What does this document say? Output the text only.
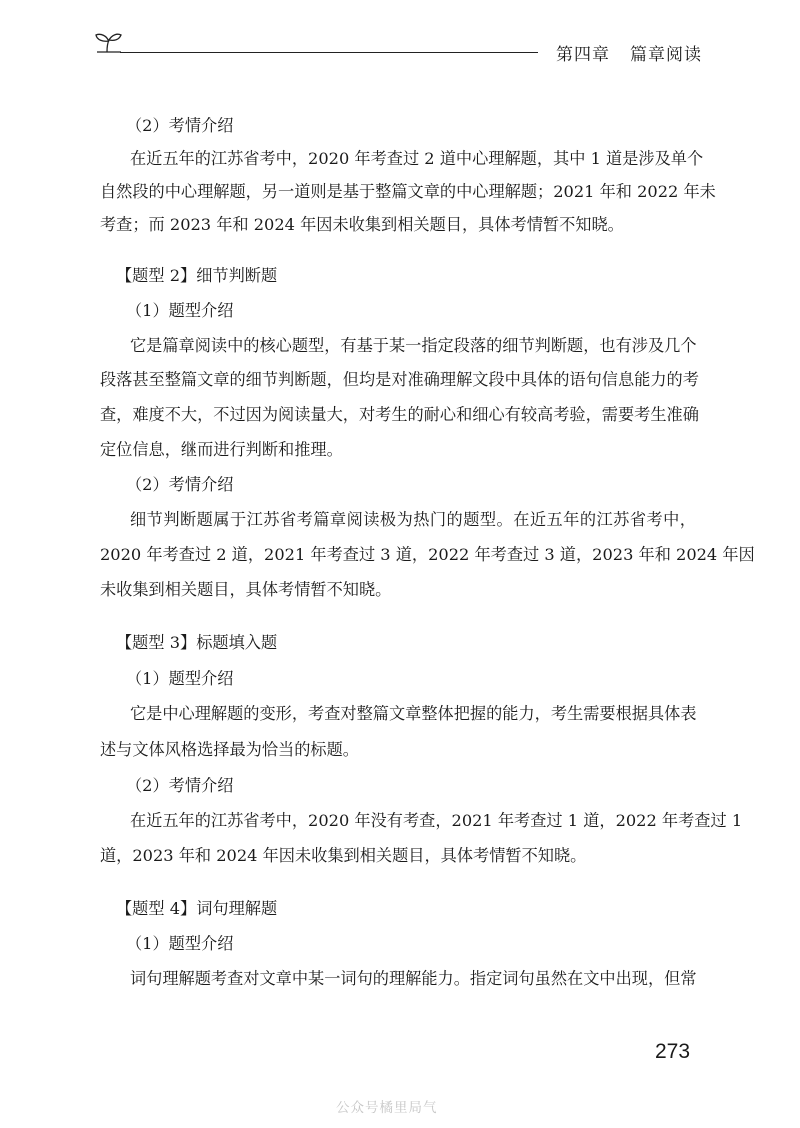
第四章 篇章阅读
（2）考情介绍
在近五年的江苏省考中，2020 年考查过 2 道中心理解题，其中 1 道是涉及单个
自然段的中心理解题，另一道则是基于整篇文章的中心理解题；2021 年和 2022 年未
考查；而 2023 年和 2024 年因未收集到相关题目，具体考情暂不知晓。
【题型 2】细节判断题
（1）题型介绍
它是篇章阅读中的核心题型，有基于某一指定段落的细节判断题，也有涉及几个
段落甚至整篇文章的细节判断题，但均是对准确理解文段中具体的语句信息能力的考
查，难度不大，不过因为阅读量大，对考生的耐心和细心有较高考验，需要考生准确
定位信息，继而进行判断和推理。
（2）考情介绍
细节判断题属于江苏省考篇章阅读极为热门的题型。在近五年的江苏省考中，
2020 年考查过 2 道，2021 年考查过 3 道，2022 年考查过 3 道，2023 年和 2024 年因
未收集到相关题目，具体考情暂不知晓。
【题型 3】标题填入题
（1）题型介绍
它是中心理解题的变形，考查对整篇文章整体把握的能力，考生需要根据具体表
述与文体风格选择最为恰当的标题。
（2）考情介绍
在近五年的江苏省考中，2020 年没有考查，2021 年考查过 1 道，2022 年考查过 1
道，2023 年和 2024 年因未收集到相关题目，具体考情暂不知晓。
【题型 4】词句理解题
（1）题型介绍
词句理解题考查对文章中某一词句的理解能力。指定词句虽然在文中出现，但常
273
公众号橘里局气
